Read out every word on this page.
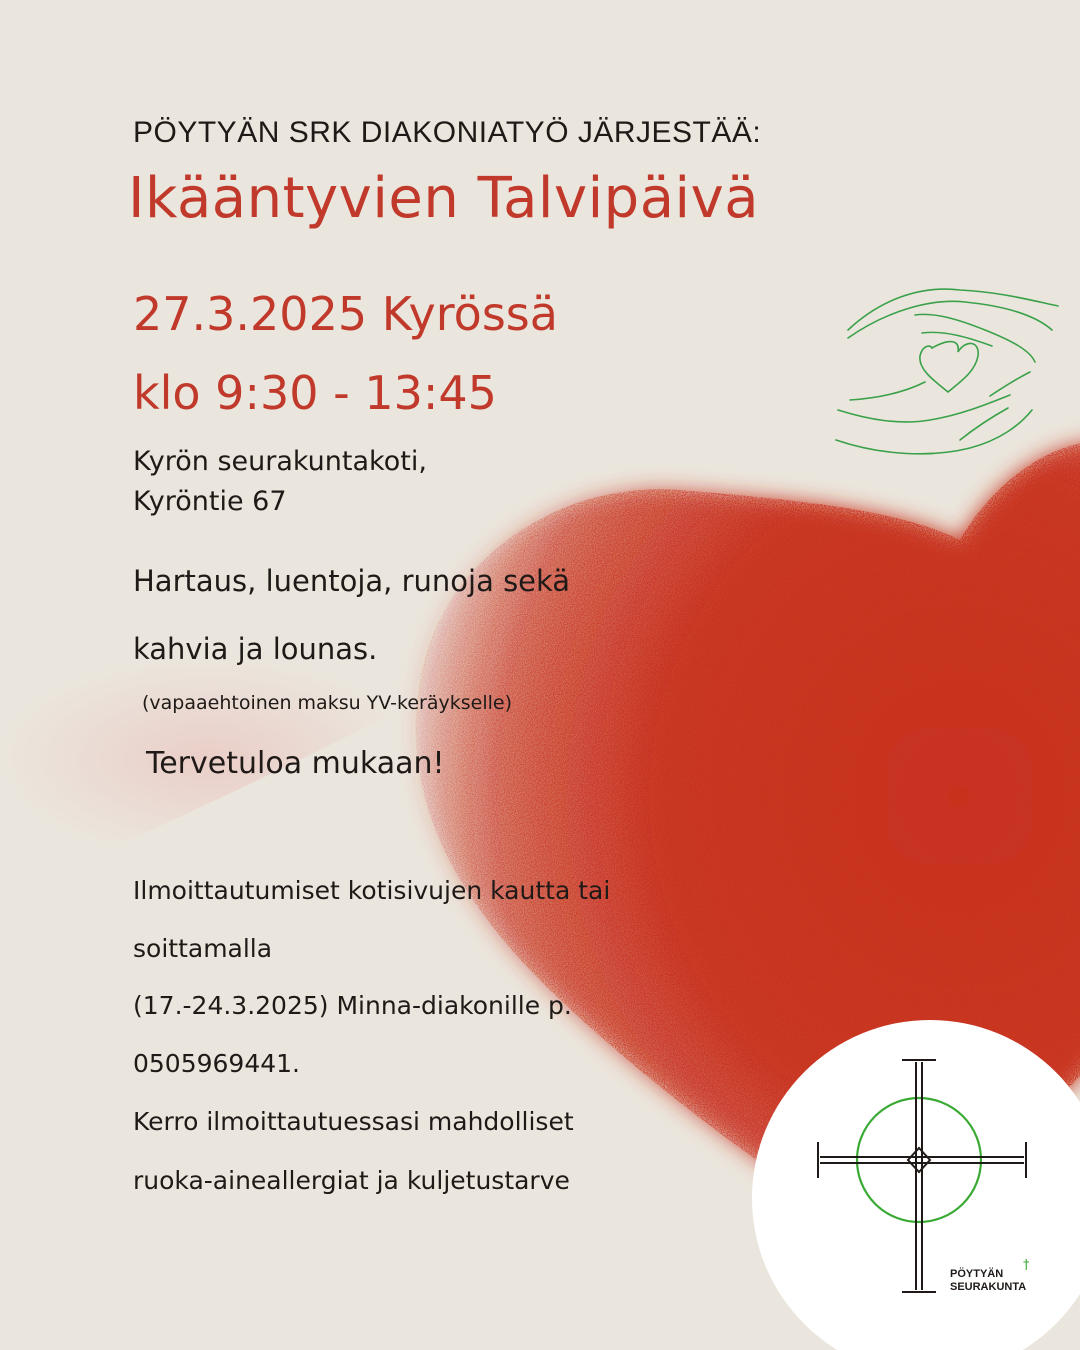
PÖYTYÄN SRK DIAKONIATYÖ JÄRJESTÄÄ:
Ikääntyvien Talvipäivä
27.3.2025 Kyrössä
klo 9:30 - 13:45
Kyrön seurakuntakoti,
Kyröntie 67
Hartaus, luentoja, runoja sekä
kahvia ja lounas.
(vapaaehtoinen maksu YV-keräykselle)
Tervetuloa mukaan!
Ilmoittautumiset kotisivujen kautta tai
soittamalla
(17.-24.3.2025) Minna-diakonille p.
0505969441.
Kerro ilmoittautuessasi mahdolliset
ruoka-aineallergiat ja kuljetustarve
PÖYTYÄN
SEURAKUNTA
†
